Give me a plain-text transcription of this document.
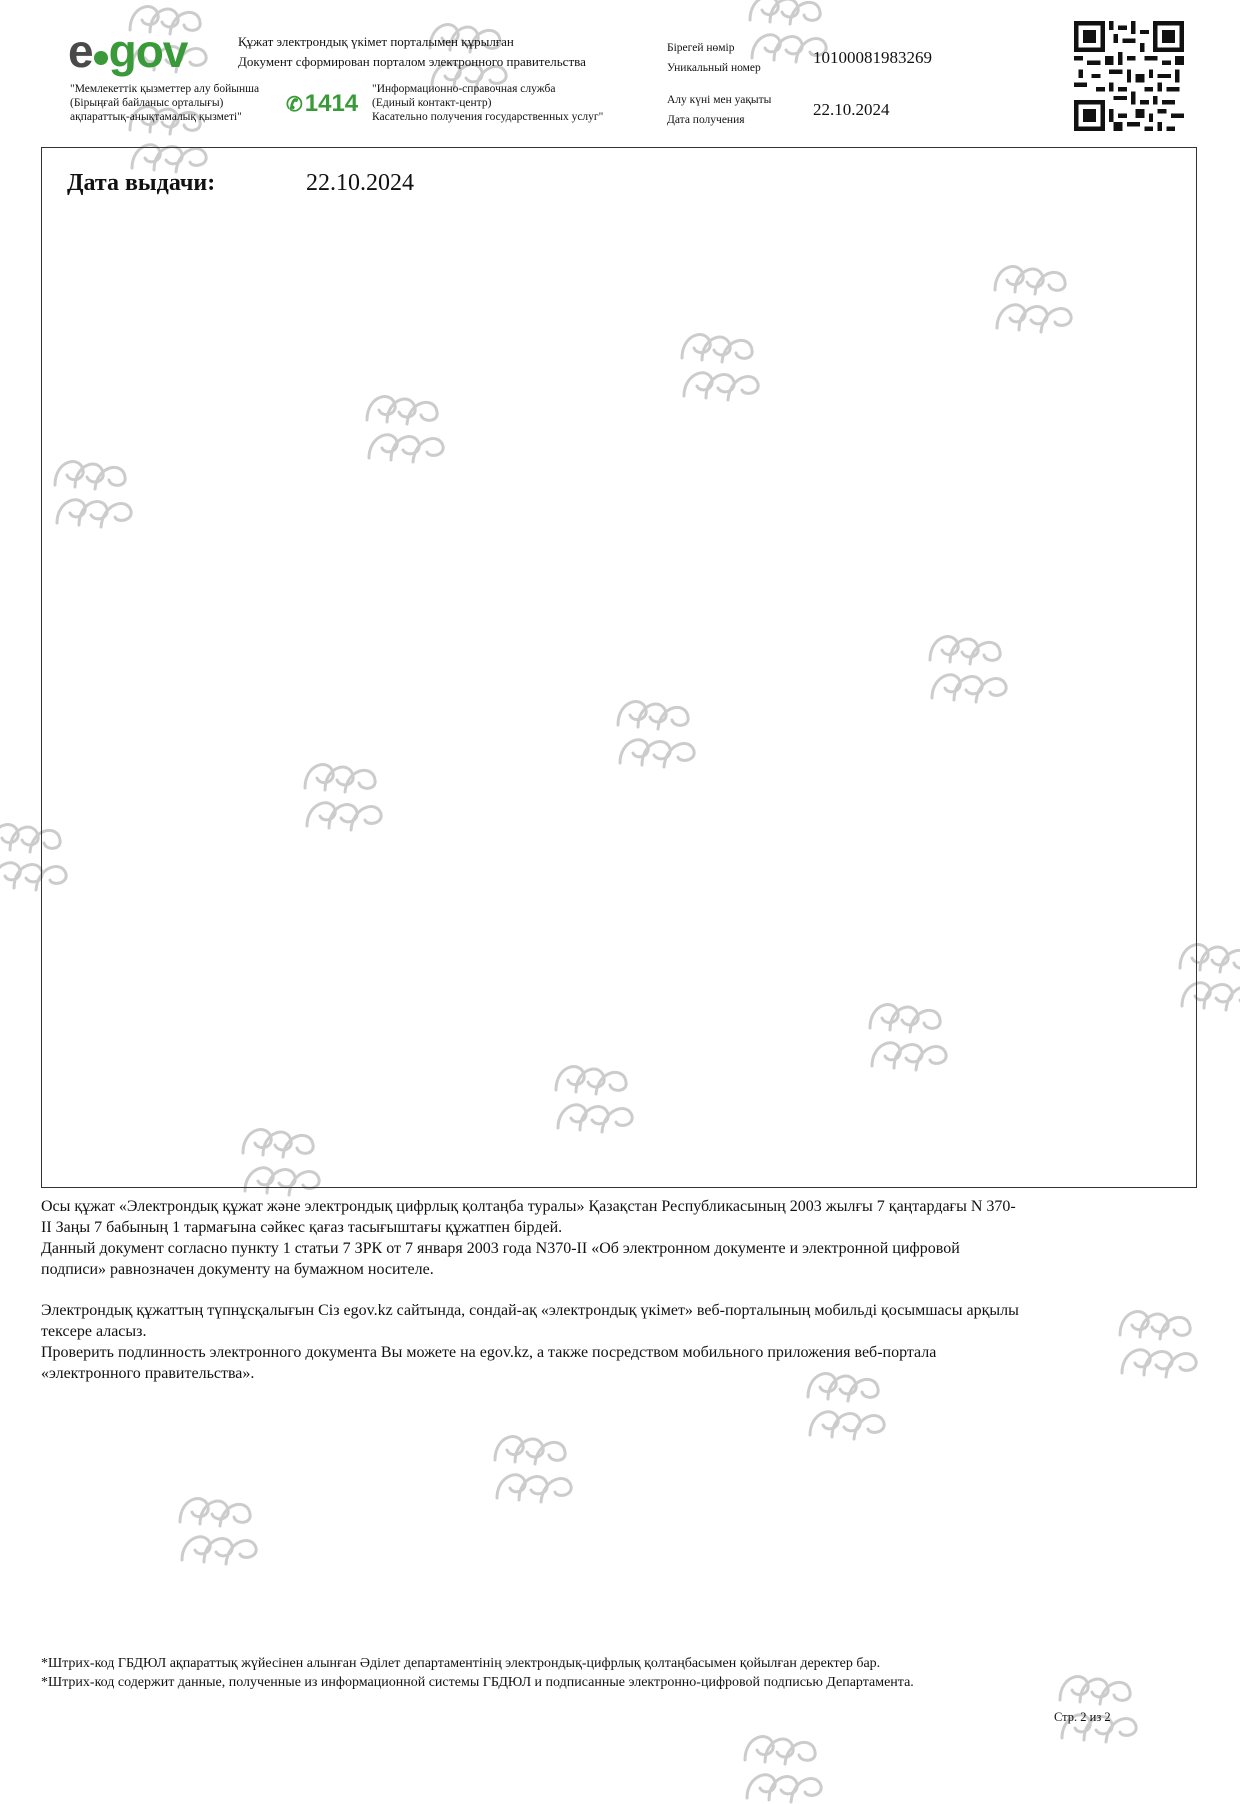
e gov	Құжат электрондық үкімет порталымен құрылған
Документ сформирован порталом электронного правительства
"Мемлекеттік қызметтер алу бойынша
(Бірыңғай байланыс орталығы)
ақпараттық-анықтамалық қызметі"
✆1414
"Информационно-справочная служба
(Единый контакт-центр)
Касательно получения государственных услуг"
Бірегей нөмір
Уникальный номер
10100081983269
Алу күні мен уақыты
Дата получения
22.10.2024
Дата выдачи:	22.10.2024
Осы құжат «Электрондық құжат және электрондық цифрлық қолтаңба туралы» Қазақстан Республикасының 2003 жылғы 7 қаңтардағы N 370-
II Заңы 7 бабының 1 тармағына сәйкес қағаз тасығыштағы құжатпен бірдей.
Данный документ согласно пункту 1 статьи 7 ЗРК от 7 января 2003 года N370-II «Об электронном документе и электронной цифровой
подписи» равнозначен документу на бумажном носителе.
Электрондық құжаттың түпнұсқалығын Сіз egov.kz сайтында, сондай-ақ «электрондық үкімет» веб-порталының мобильді қосымшасы арқылы
тексере аласыз.
Проверить подлинность электронного документа Вы можете на egov.kz, а также посредством мобильного приложения веб-портала
«электронного правительства».
*Штрих-код ГБДЮЛ ақпараттық жүйесінен алынған Әділет департаментінің электрондық-цифрлық қолтаңбасымен қойылған деректер бар.
*Штрих-код содержит данные, полученные из информационной системы ГБДЮЛ и подписанные электронно-цифровой подписью Департамента.
Стр. 2 из 2
